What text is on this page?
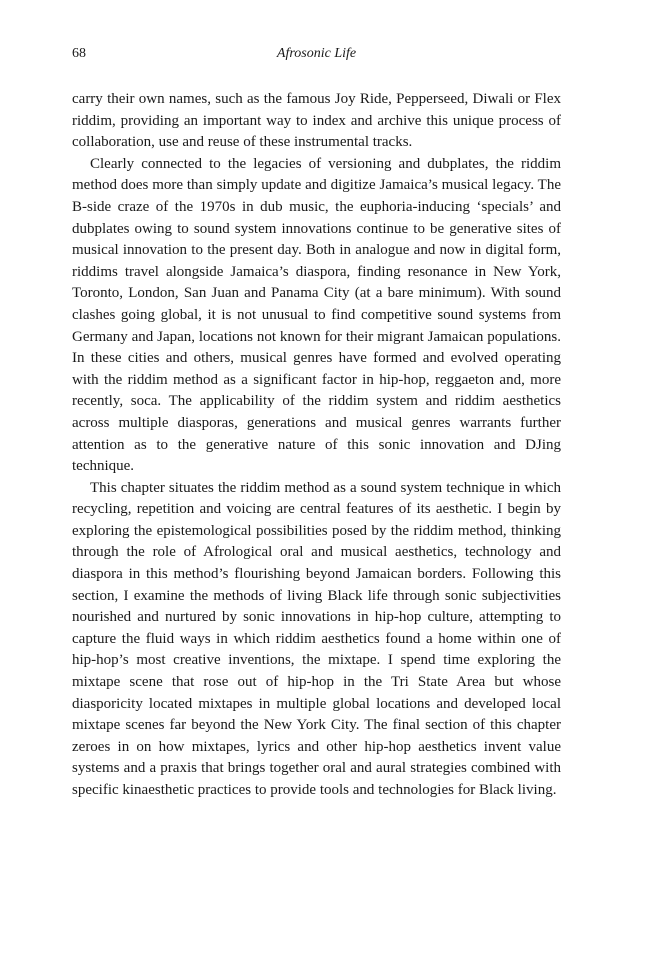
68	Afrosonic Life

carry their own names, such as the famous Joy Ride, Pepperseed, Diwali or Flex riddim, providing an important way to index and archive this unique process of collaboration, use and reuse of these instrumental tracks.

Clearly connected to the legacies of versioning and dubplates, the riddim method does more than simply update and digitize Jamaica’s musical legacy. The B-side craze of the 1970s in dub music, the euphoria-inducing ‘specials’ and dubplates owing to sound system innovations continue to be generative sites of musical innovation to the present day. Both in analogue and now in digital form, riddims travel alongside Jamaica’s diaspora, finding resonance in New York, Toronto, London, San Juan and Panama City (at a bare minimum). With sound clashes going global, it is not unusual to find competitive sound systems from Germany and Japan, locations not known for their migrant Jamaican populations. In these cities and others, musical genres have formed and evolved operating with the riddim method as a significant factor in hip-hop, reggaeton and, more recently, soca. The applicability of the riddim system and riddim aesthetics across multiple diasporas, generations and musical genres warrants further attention as to the generative nature of this sonic innovation and DJing technique.

This chapter situates the riddim method as a sound system technique in which recycling, repetition and voicing are central features of its aesthetic. I begin by exploring the epistemological possibilities posed by the riddim method, thinking through the role of Afrological oral and musical aesthetics, technology and diaspora in this method’s flourishing beyond Jamaican borders. Following this section, I examine the methods of living Black life through sonic subjectivities nourished and nurtured by sonic innovations in hip-hop culture, attempting to capture the fluid ways in which riddim aesthetics found a home within one of hip-hop’s most creative inventions, the mixtape. I spend time exploring the mixtape scene that rose out of hip-hop in the Tri State Area but whose diasporicity located mixtapes in multiple global locations and developed local mixtape scenes far beyond the New York City. The final section of this chapter zeroes in on how mixtapes, lyrics and other hip-hop aesthetics invent value systems and a praxis that brings together oral and aural strategies combined with specific kinaesthetic practices to provide tools and technologies for Black living.
